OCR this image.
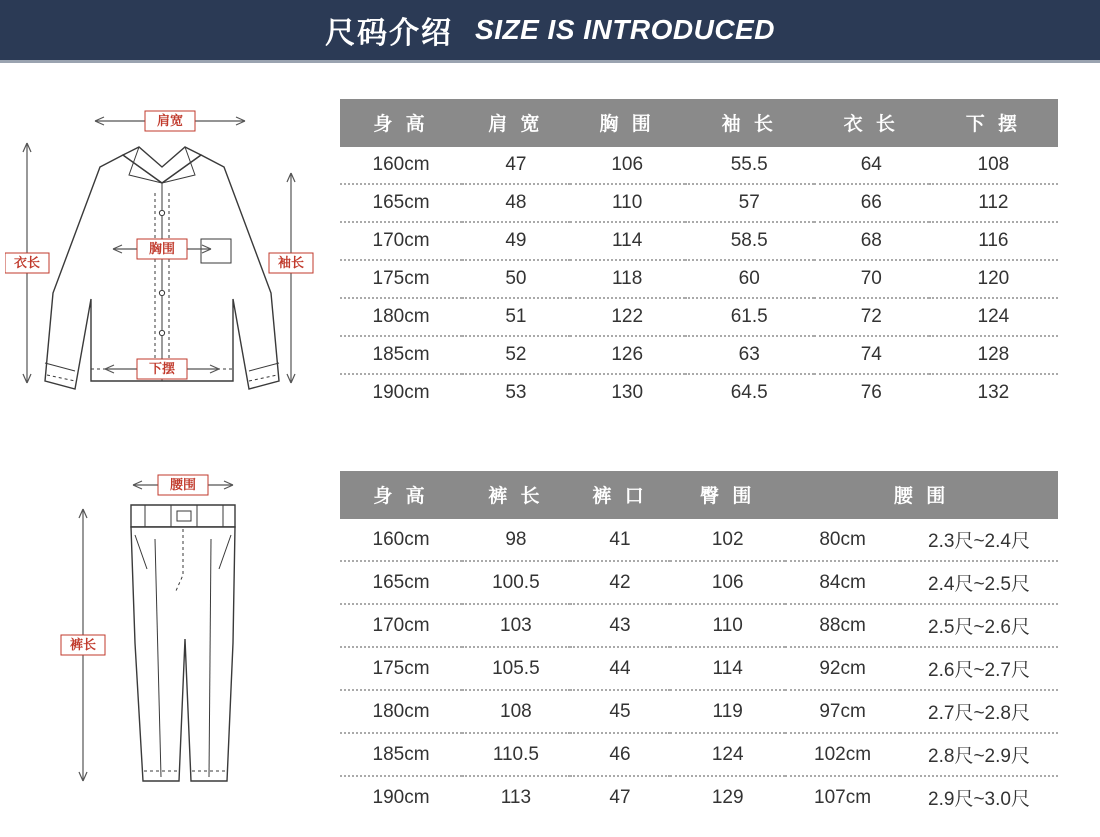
尺码介绍 SIZE IS INTRODUCED
肩宽
衣长	袖长
胸围
下摆
身 高	肩 宽	胸 围	袖 长	衣 长	下 摆
160cm	47	106	55.5	64	108
165cm	48	110	57	66	112
170cm	49	114	58.5	68	116
175cm	50	118	60	70	120
180cm	51	122	61.5	72	124
185cm	52	126	63	74	128
190cm	53	130	64.5	76	132
腰围
裤长
身 高	裤 长	裤 口	臀 围	腰 围	
160cm	98	41	102	80cm	2.3尺~2.4尺
165cm	100.5	42	106	84cm	2.4尺~2.5尺
170cm	103	43	110	88cm	2.5尺~2.6尺
175cm	105.5	44	114	92cm	2.6尺~2.7尺
180cm	108	45	119	97cm	2.7尺~2.8尺
185cm	110.5	46	124	102cm	2.8尺~2.9尺
190cm	113	47	129	107cm	2.9尺~3.0尺
